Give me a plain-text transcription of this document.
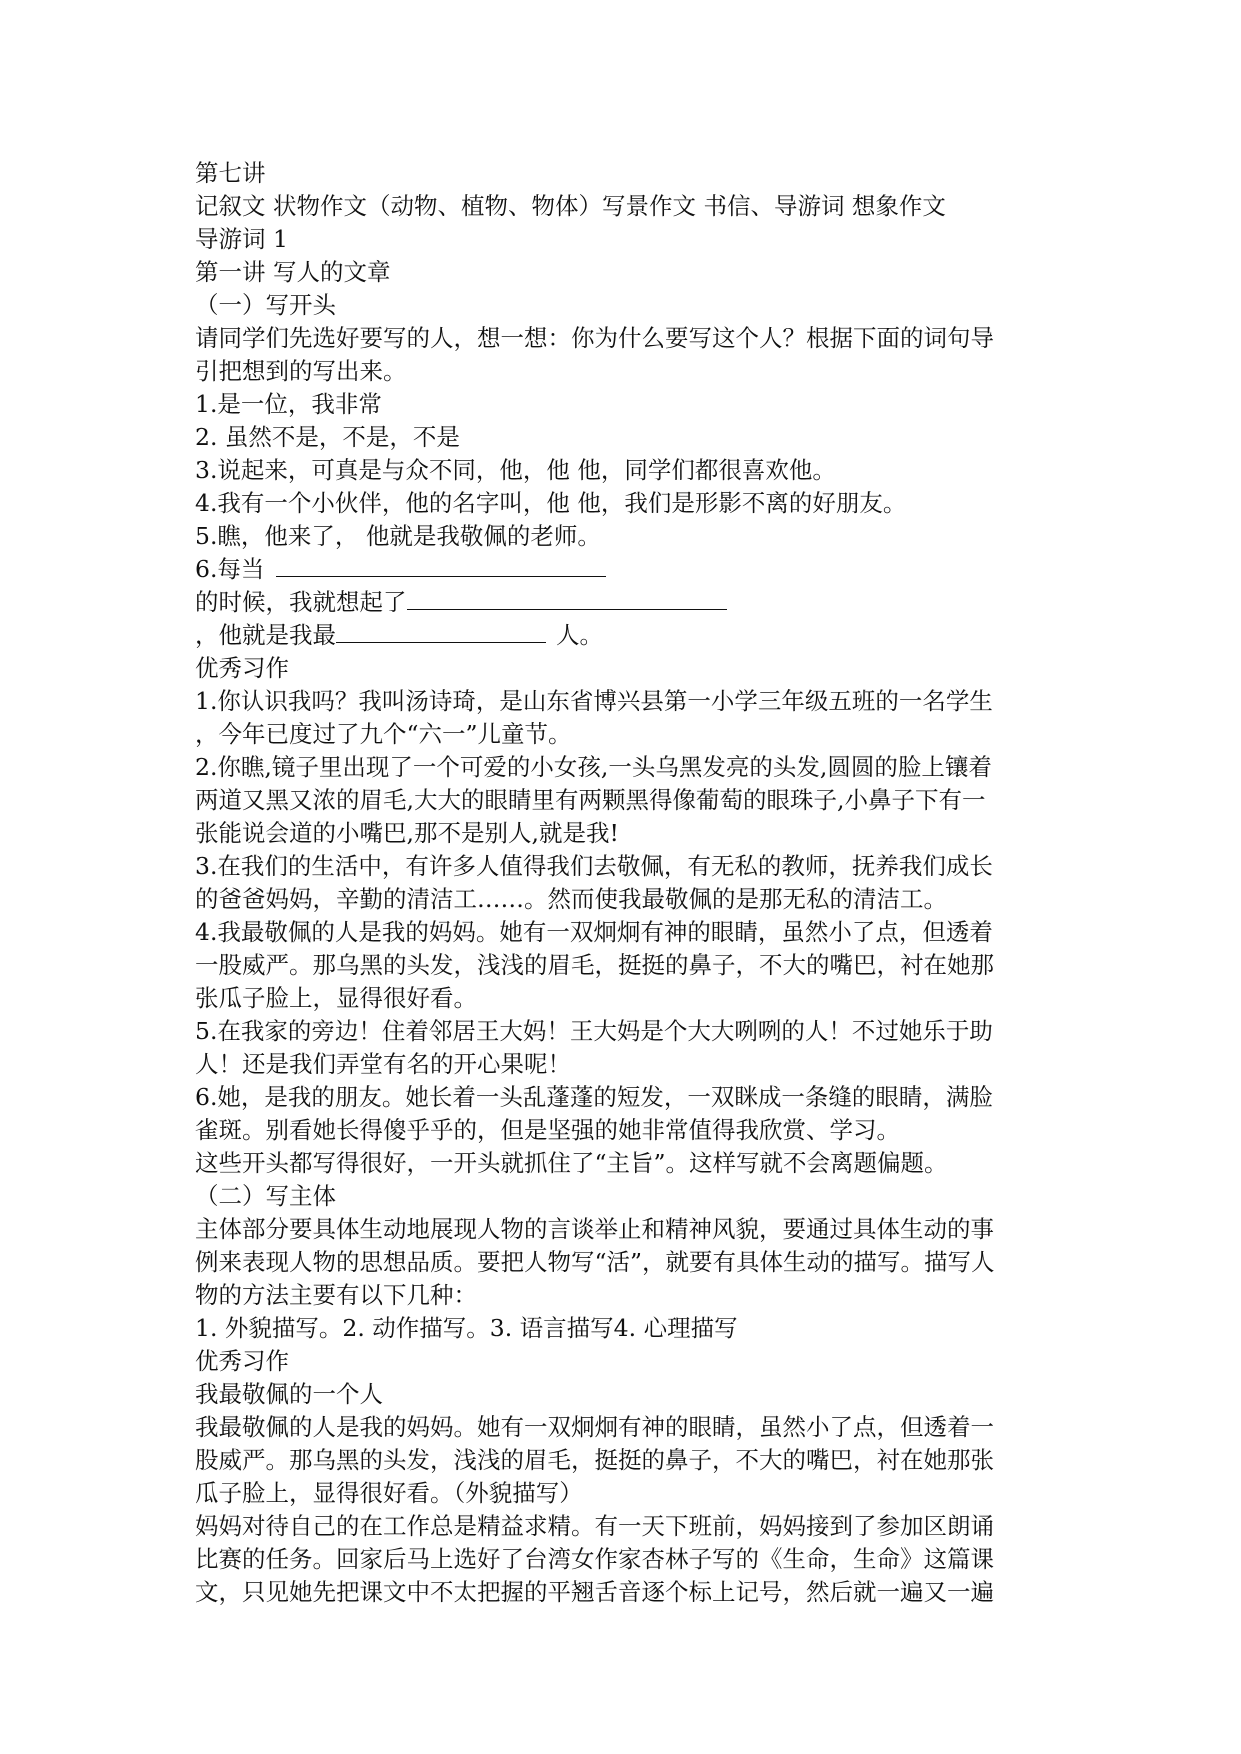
第七讲
记叙文 状物作文（动物、植物、物体）写景作文 书信、导游词 想象作文
导游词 1
第一讲 写人的文章
（一）写开头
请同学们先选好要写的人，想一想：你为什么要写这个人？根据下面的词句导
引把想到的写出来。
1.是一位，我非常
2. 虽然不是，不是，不是
3.说起来，可真是与众不同，他，他 他，同学们都很喜欢他。
4.我有一个小伙伴，他的名字叫，他 他，我们是形影不离的好朋友。
5.瞧，他来了， 他就是我敬佩的老师。
6.每当
的时候，我就想起了
，他就是我最	人。
优秀习作
1.你认识我吗？我叫汤诗琦，是山东省博兴县第一小学三年级五班的一名学生
，今年已度过了九个“六一”儿童节。
2.你瞧,镜子里出现了一个可爱的小女孩,一头乌黑发亮的头发,圆圆的脸上镶着
两道又黑又浓的眉毛,大大的眼睛里有两颗黑得像葡萄的眼珠子,小鼻子下有一
张能说会道的小嘴巴,那不是别人,就是我!
3.在我们的生活中，有许多人值得我们去敬佩，有无私的教师，抚养我们成长
的爸爸妈妈，辛勤的清洁工……。然而使我最敬佩的是那无私的清洁工。
4.我最敬佩的人是我的妈妈。她有一双炯炯有神的眼睛，虽然小了点，但透着
一股威严。那乌黑的头发，浅浅的眉毛，挺挺的鼻子，不大的嘴巴，衬在她那
张瓜子脸上，显得很好看。
5.在我家的旁边！住着邻居王大妈！王大妈是个大大咧咧的人！不过她乐于助
人！还是我们弄堂有名的开心果呢！
6.她，是我的朋友。她长着一头乱蓬蓬的短发，一双眯成一条缝的眼睛，满脸
雀斑。别看她长得傻乎乎的，但是坚强的她非常值得我欣赏、学习。
这些开头都写得很好，一开头就抓住了“主旨”。这样写就不会离题偏题。
（二）写主体
主体部分要具体生动地展现人物的言谈举止和精神风貌，要通过具体生动的事
例来表现人物的思想品质。要把人物写“活”，就要有具体生动的描写。描写人
物的方法主要有以下几种：
1. 外貌描写。2. 动作描写。3. 语言描写4. 心理描写
优秀习作
我最敬佩的一个人
我最敬佩的人是我的妈妈。她有一双炯炯有神的眼睛，虽然小了点，但透着一
股威严。那乌黑的头发，浅浅的眉毛，挺挺的鼻子，不大的嘴巴，衬在她那张
瓜子脸上，显得很好看。（外貌描写）
妈妈对待自己的在工作总是精益求精。有一天下班前，妈妈接到了参加区朗诵
比赛的任务。回家后马上选好了台湾女作家杏林子写的《生命，生命》这篇课
文，只见她先把课文中不太把握的平翘舌音逐个标上记号，然后就一遍又一遍
